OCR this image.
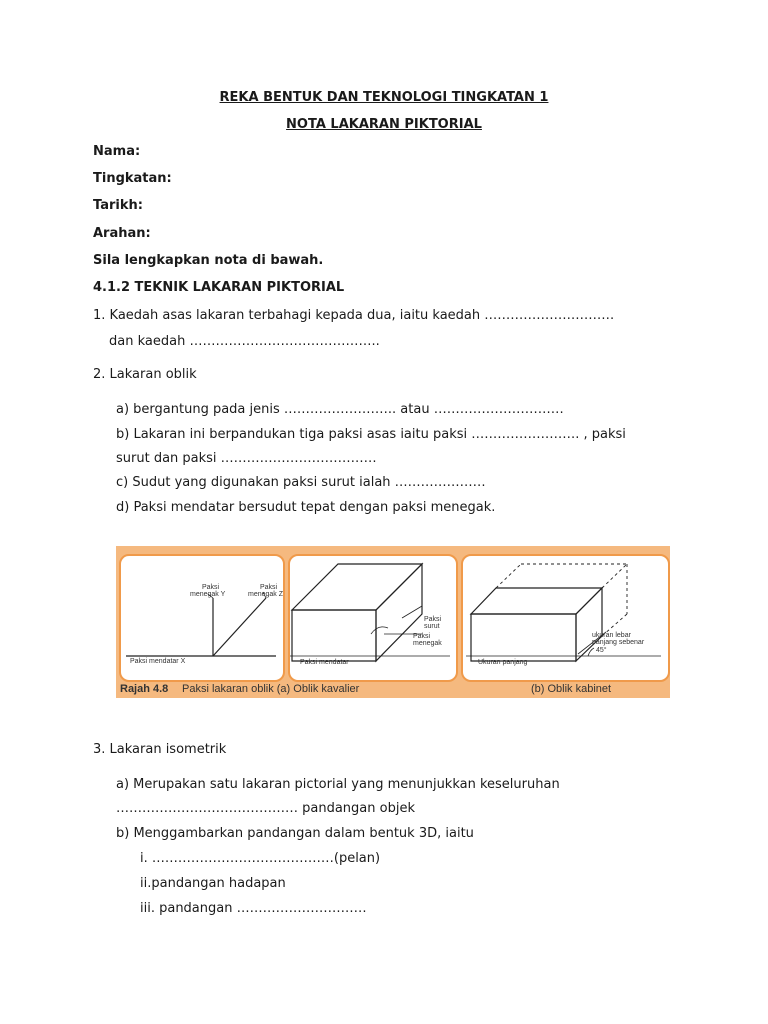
REKA BENTUK DAN TEKNOLOGI TINGKATAN 1
NOTA LAKARAN PIKTORIAL
Nama:
Tingkatan:
Tarikh:
Arahan:
Sila lengkapkan nota di bawah.
4.1.2 TEKNIK LAKARAN PIKTORIAL
1. Kaedah asas lakaran terbahagi kepada dua, iaitu kaedah …………………………
dan kaedah ……………………………………..
2. Lakaran oblik
a) bergantung pada jenis …………………….. atau …………………………
b) Lakaran ini berpandukan tiga paksi asas iaitu paksi ……………………. , paksi
surut dan paksi ………………………………
c) Sudut yang digunakan paksi surut ialah …………………
d) Paksi mendatar bersudut tepat dengan paksi menegak.
Paksi
menegak Y
Paksi
menegak Z
Paksi mendatar X	Paksi mendatar
Paksi
surut
Paksi
menegak
Ukuran panjang
ukuran lebar
panjang sebenar
45°
Rajah 4.8 Paksi lakaran oblik (a) Oblik kavalier	(b) Oblik kabinet
3. Lakaran isometrik
a) Merupakan satu lakaran pictorial yang menunjukkan keseluruhan
…………………………………… pandangan objek
b) Menggambarkan pandangan dalam bentuk 3D, iaitu
i. ……………………………………(pelan)
ii.pandangan hadapan
iii. pandangan …………………………
